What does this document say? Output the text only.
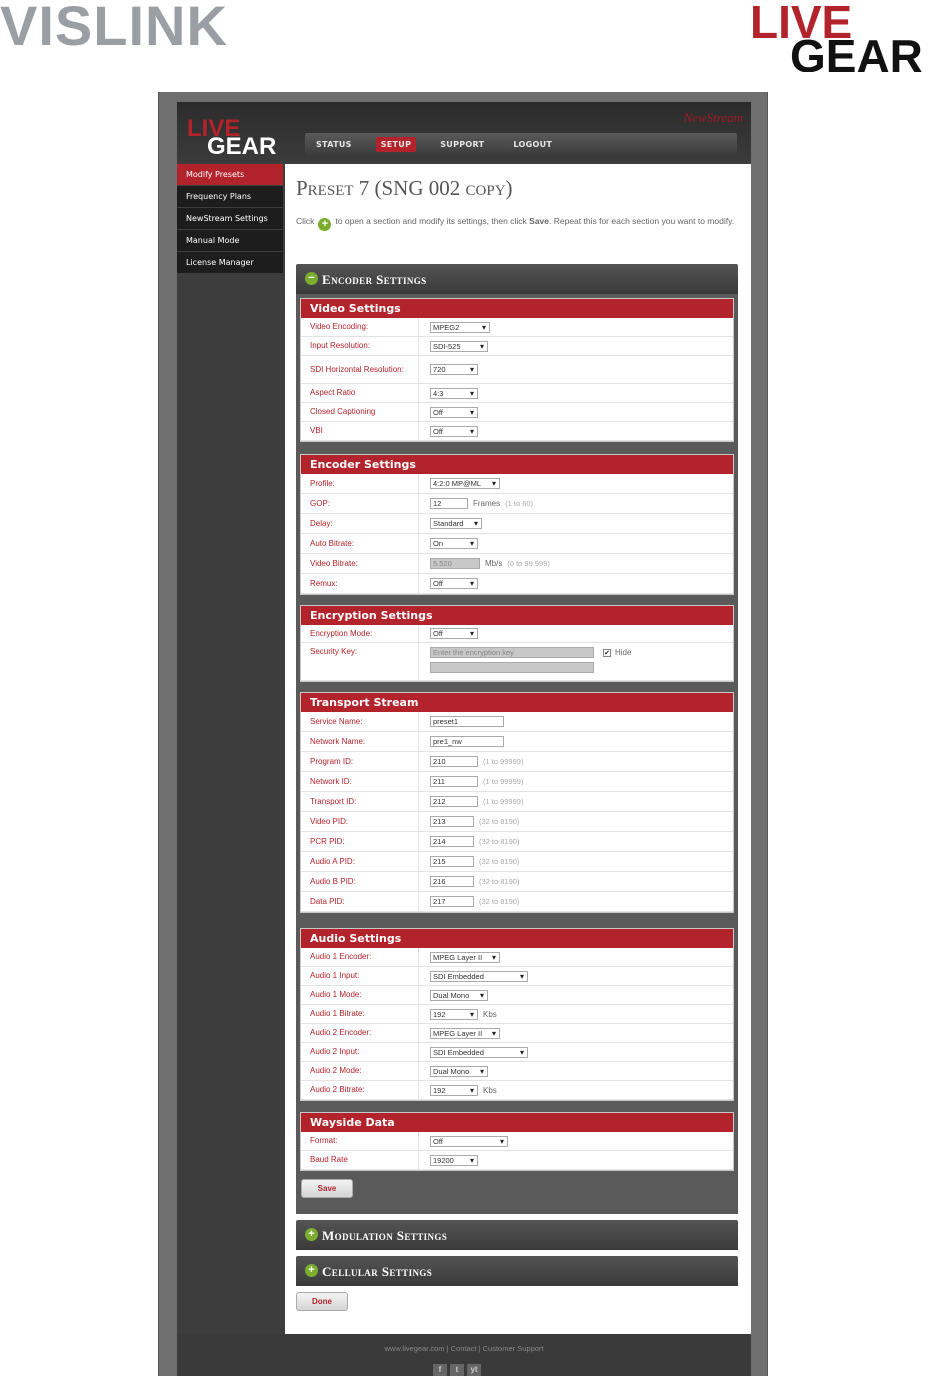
VISLINK	LIVE
GEAR
LIVE
GEAR
NewStream
STATUS	SETUP	SUPPORT	LOGOUT
Modify Presets
Frequency Plans
NewStream Settings
Manual Mode
License Manager
Preset 7 (SNG 002 copy)
Click + to open a section and modify its settings, then click Save. Repeat this for each section you want to modify.
− Encoder Settings
Video Settings
Video Encoding:	MPEG2 ▾
Input Resolution:	SDI-525 ▾
SDI Horizontal Resolution:	720 ▾
Aspect Ratio	4:3 ▾
Closed Captioning	Off ▾
VBI	Off ▾
Encoder Settings
Profile:	4:2:0 MP@ML ▾
GOP:	12	Frames (1 to 60)
Delay:	Standard ▾
Auto Bitrate:	On ▾
Video Bitrate:	5.520	Mb/s (0 to 99.999)
Remux:	Off ▾
Encryption Settings
Encryption Mode:	Off ▾
Security Key:	Enter the encryption key	✔ Hide
Transport Stream
Service Name:	preset1
Network Name:	pre1_nw
Program ID:	210	(1 to 99999)
Network ID:	211	(1 to 99999)
Transport ID:	212	(1 to 99999)
Video PID:	213	(32 to 8190)
PCR PID:	214	(32 to 8190)
Audio A PID:	215	(32 to 8190)
Audio B PID:	216	(32 to 8190)
Data PID:	217	(32 to 8190)
Audio Settings
Audio 1 Encoder:	MPEG Layer II ▾
Audio 1 Input:	SDI Embedded ▾
Audio 1 Mode:	Dual Mono ▾
Audio 1 Bitrate:	192 ▾	Kbs
Audio 2 Encoder:	MPEG Layer II ▾
Audio 2 Input:	SDI Embedded ▾
Audio 2 Mode:	Dual Mono ▾
Audio 2 Bitrate:	192 ▾	Kbs
Wayside Data
Format:	Off ▾
Baud Rate	19200 ▾
Save
+ Modulation Settings
+ Cellular Settings
Done
www.livegear.com | Contact | Customer Support
f	t	yt
